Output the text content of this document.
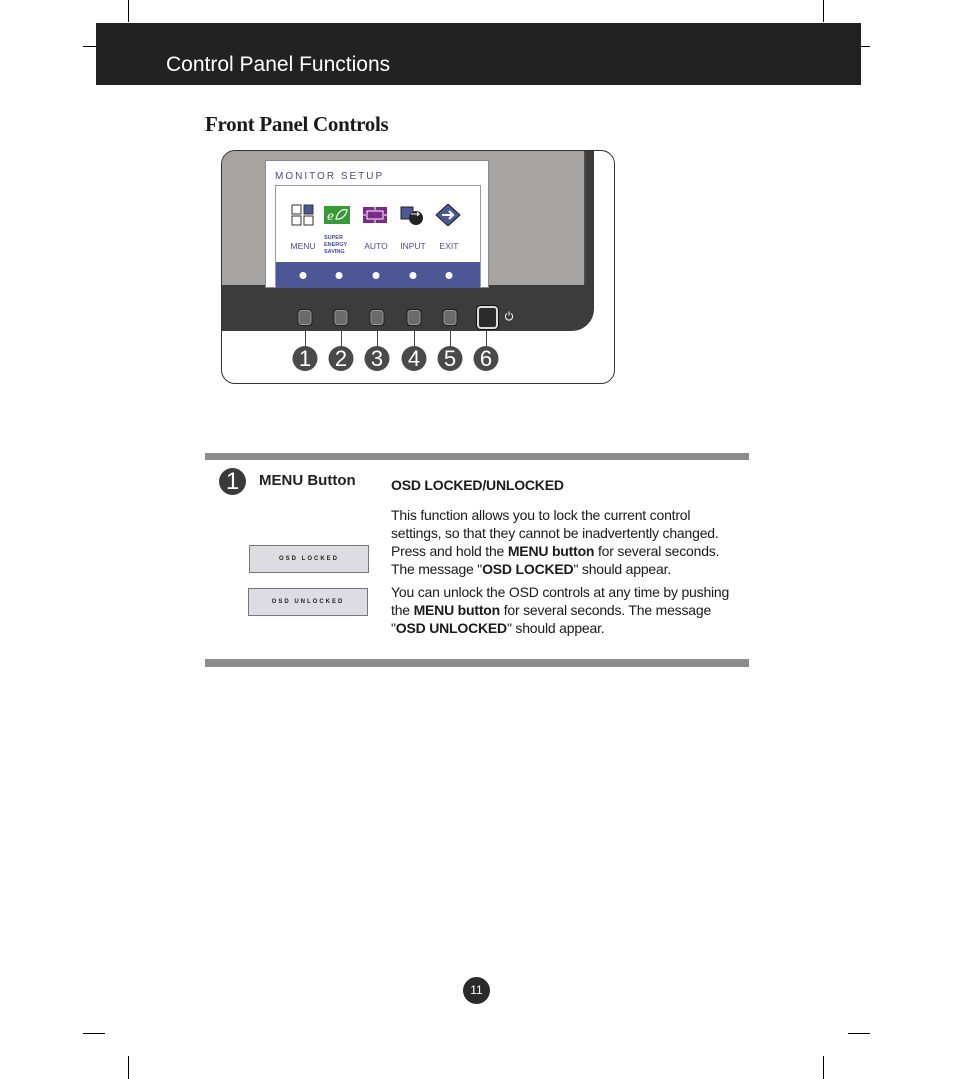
Control Panel Functions
Front Panel Controls
MONITOR SETUP
e
MENU
SUPER
ENERGY
SAVING
AUTO INPUT EXIT
1 2 3 4 5 6
1	MENU Button
OSD LOCKED
OSD UNLOCKED
OSD LOCKED/UNLOCKED

This function allows you to lock the current control settings, so that they cannot be inadvertently changed. Press and hold the MENU button for several seconds. The message "OSD LOCKED" should appear.

You can unlock the OSD controls at any time by pushing the MENU button for several seconds. The message "OSD UNLOCKED" should appear.

11
